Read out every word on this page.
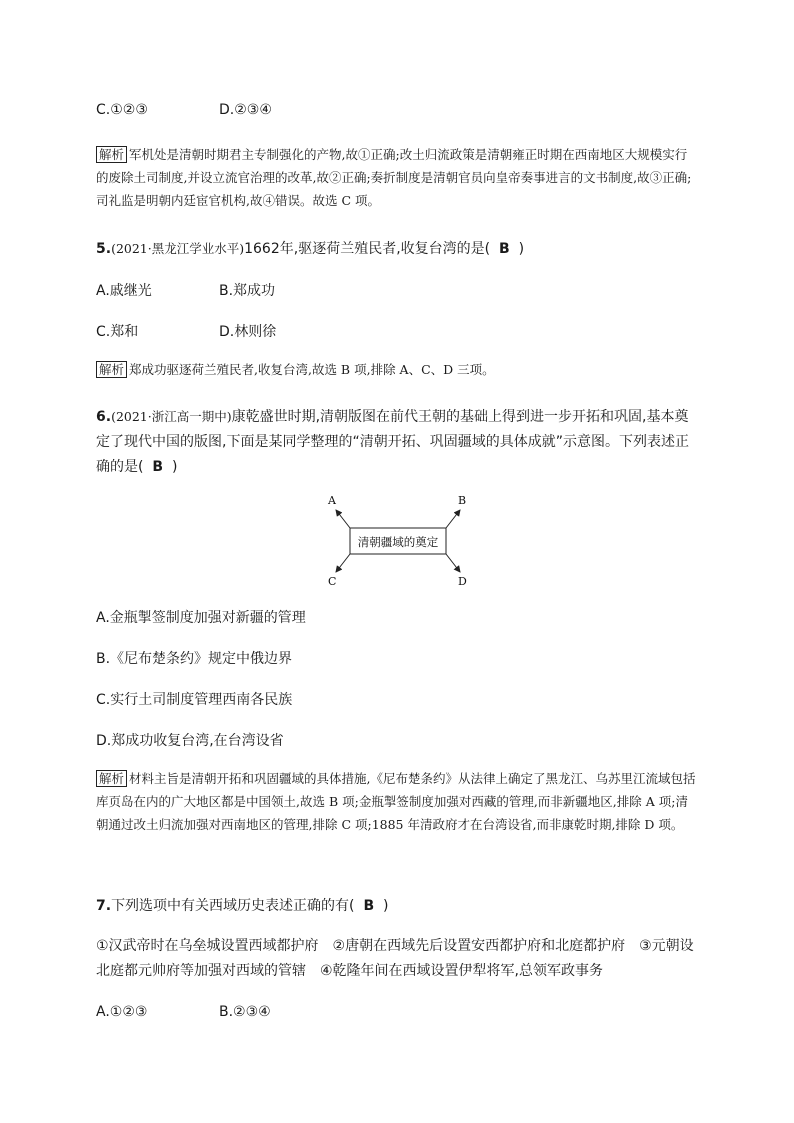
C.①②③	D.②③④
解析 军机处是清朝时期君主专制强化的产物,故①正确;改土归流政策是清朝雍正时期在西南地区大规模实行的废除土司制度,并设立流官治理的改革,故②正确;奏折制度是清朝官员向皇帝奏事进言的文书制度,故③正确;司礼监是明朝内廷宦官机构,故④错误。故选 C 项。
5.(2021·黑龙江学业水平)1662年,驱逐荷兰殖民者,收复台湾的是( B )
A.戚继光	B.郑成功
C.郑和	D.林则徐
解析 郑成功驱逐荷兰殖民者,收复台湾,故选 B 项,排除 A、C、D 三项。
6.(2021·浙江高一期中)康乾盛世时期,清朝版图在前代王朝的基础上得到进一步开拓和巩固,基本奠定了现代中国的版图,下面是某同学整理的“清朝开拓、巩固疆域的具体成就”示意图。下列表述正确的是( B )
清朝疆域的奠定
A	B
C	D
A.金瓶掣签制度加强对新疆的管理
B.《尼布楚条约》规定中俄边界
C.实行土司制度管理西南各民族
D.郑成功收复台湾,在台湾设省
解析 材料主旨是清朝开拓和巩固疆域的具体措施,《尼布楚条约》从法律上确定了黑龙江、乌苏里江流域包括库页岛在内的广大地区都是中国领土,故选 B 项;金瓶掣签制度加强对西藏的管理,而非新疆地区,排除 A 项;清朝通过改土归流加强对西南地区的管理,排除 C 项;1885 年清政府才在台湾设省,而非康乾时期,排除 D 项。
7.下列选项中有关西域历史表述正确的有( B )
①汉武帝时在乌垒城设置西域都护府　②唐朝在西域先后设置安西都护府和北庭都护府　③元朝设北庭都元帅府等加强对西域的管辖　④乾隆年间在西域设置伊犁将军,总领军政事务
A.①②③	B.②③④
